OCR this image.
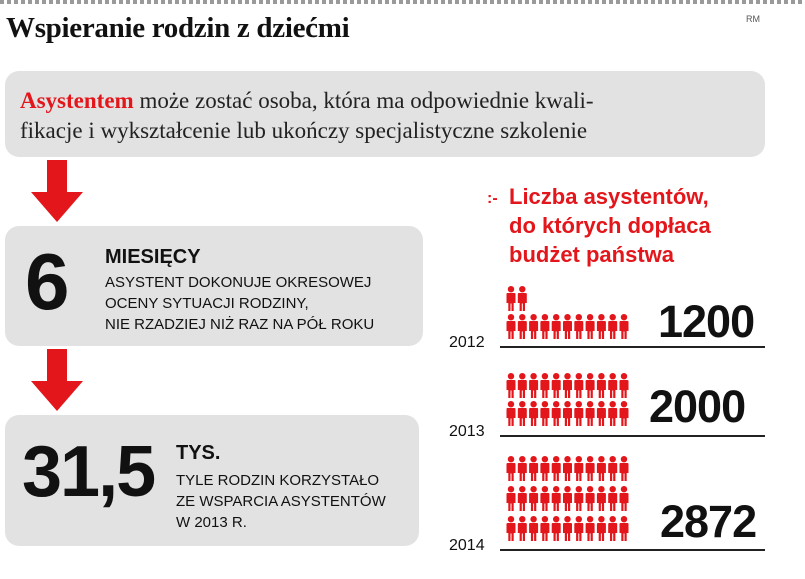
Wspieranie rodzin z dziećmi	RM
Asystentem może zostać osoba, która ma odpowiednie kwali-
fikacje i wykształcenie lub ukończy specjalistyczne szkolenie
6 MIESIĘCY
ASYSTENT DOKONUJE OKRESOWEJ
OCENY SYTUACJI RODZINY,
NIE RZADZIEJ NIŻ RAZ NA PÓŁ ROKU
31,5 TYS.
TYLE RODZIN KORZYSTAŁO
ZE WSPARCIA ASYSTENTÓW
W 2013 R.
:- Liczba asystentów,
do których dopłaca
budżet państwa
2012	1200
2013	2000
2014	2872
